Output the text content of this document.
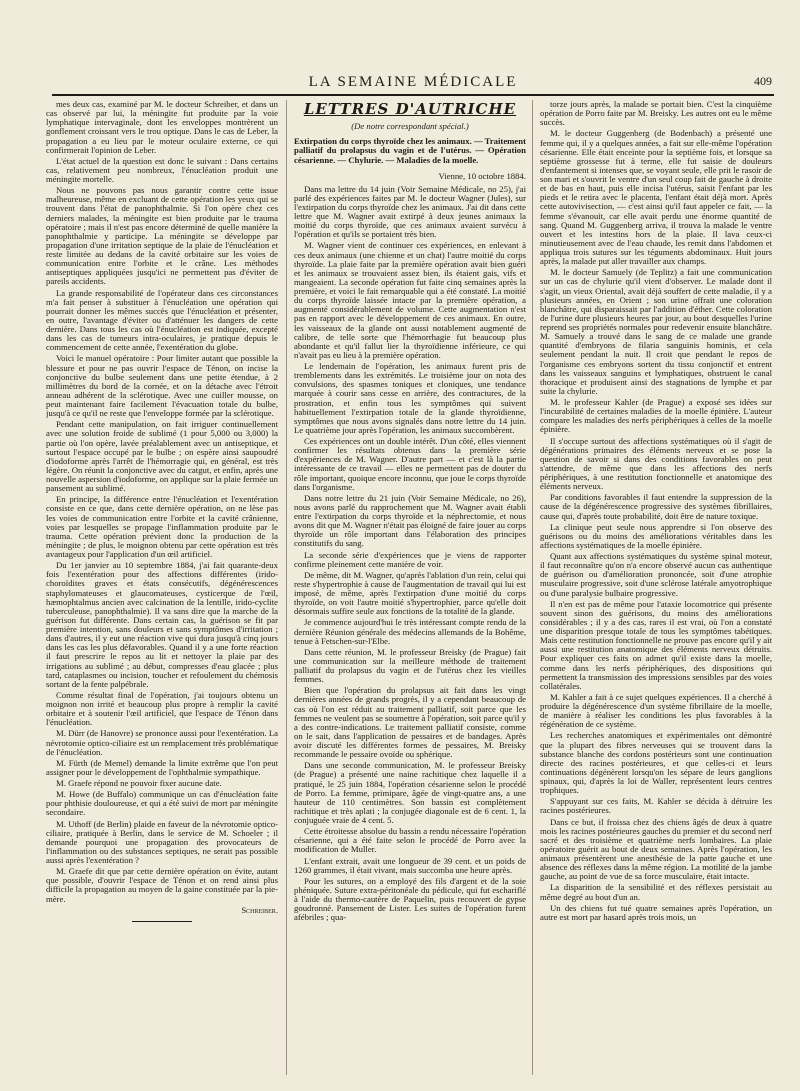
LA SEMAINE MÉDICALE	409

mes deux cas, examiné par M. le docteur Schreiber, et dans un cas observé par lui, la méningite fut produite par la voie lymphatique intervaginale, dont les enveloppes montrèrent un gonflement croissant vers le trou optique. Dans le cas de Leber, la propagation a eu lieu par le moteur oculaire externe, ce qui confirmerait l'opinion de Leber.

L'état actuel de la question est donc le suivant : Dans certains cas, relativement peu nombreux, l'énucléation produit une méningite mortelle.

Nous ne pouvons pas nous garantir contre cette issue malheureuse, même en excluant de cette opération les yeux qui se trouvent dans l'état de panophthalmie. Si l'on opère chez ces derniers malades, la méningite est bien produite par le trauma opératoire ; mais il n'est pas encore déterminé de quelle manière la panophthalmie y participe. La méningite se développe par propagation d'une irritation septique de la plaie de l'énucléation et reste limitée au dedans de la cavité orbitaire sur les voies de communication entre l'orbite et le crâne. Les méthodes antiseptiques appliquées jusqu'ici ne permettent pas d'éviter de pareils accidents.

La grande responsabilité de l'opérateur dans ces circonstances m'a fait penser à substituer à l'énucléation une opération qui pourrait donner les mêmes succès que l'énucléation et présenter, en outre, l'avantage d'éviter ou d'atténuer les dangers de cette dernière. Dans tous les cas où l'énucléation est indiquée, excepté dans les cas de tumeurs intra-oculaires, je pratique depuis le commencement de cette année, l'exentération du globe.

Voici le manuel opératoire : Pour limiter autant que possible la blessure et pour ne pas ouvrir l'espace de Ténon, on incise la conjonctive du bulbe seulement dans une petite étendue, à 2 millimètres du bord de la cornée, et on la détache avec l'étroit anneau adhérent de la sclérotique. Avec une cuiller mousse, on peut maintenant faire facilement l'évacuation totale du bulbe, jusqu'à ce qu'il ne reste que l'enveloppe formée par la sclérotique.

Pendant cette manipulation, on fait irriguer continuellement avec une solution froide de sublimé (1 pour 5,000 ou 3,000) la partie où l'on opère, lavée préalablement avec un antiseptique, et surtout l'espace occupé par le bulbe ; on espère ainsi saupoudré d'iodoforme après l'arrêt de l'hémorragie qui, en général, est très légère. On réunit la conjonctive avec du catgut, et enfin, après une nouvelle aspersion d'iodoforme, on applique sur la plaie fermée un pansement au sublimé.

En principe, la différence entre l'énucléation et l'exentération consiste en ce que, dans cette dernière opération, on ne lèse pas les voies de communication entre l'orbite et la cavité crânienne, voies par lesquelles se propage l'inflammation produite par le trauma. Cette opération prévient donc la production de la méningite ; de plus, le moignon obtenu par cette opération est très avantageux pour l'application d'un œil artificiel.

Du 1er janvier au 10 septembre 1884, j'ai fait quarante-deux fois l'exentération pour des affections différentes (irido-choroïdites graves et états consécutifs, dégénérescences staphylomateuses et glaucomateuses, cysticerque de l'œil, hæmophtalmus ancien avec calcination de la lentille, irido-cyclite tuberculeuse, panophthalmie). Il va sans dire que la marche de la guérison fut différente. Dans certain cas, la guérison se fit par première intention, sans douleurs et sans symptômes d'irritation ; dans d'autres, il y eut une réaction vive qui dura jusqu'à cinq jours dans les cas les plus défavorables. Quand il y a une forte réaction il faut prescrire le repos au lit et nettoyer la plaie par des irrigations au sublimé ; au début, compresses d'eau glacée ; plus tard, cataplasmes ou incision, toucher et refoulement du chémosis sortant de la fente palpébrale.

Comme résultat final de l'opération, j'ai toujours obtenu un moignon non irrité et beaucoup plus propre à remplir la cavité orbitaire et à soutenir l'œil artificiel, que l'espace de Ténon dans l'énucléation.

M. Dürr (de Hanovre) se prononce aussi pour l'exentération. La névrotomie optico-ciliaire est un remplacement très problématique de l'énucléation.

M. Fürth (de Memel) demande la limite extrême que l'on peut assigner pour le développement de l'ophthalmie sympathique.

M. Graefe répond ne pouvoir fixer aucune date.

M. Howe (de Buffalo) communique un cas d'énucléation faite pour phthisie douloureuse, et qui a été suivi de mort par méningite secondaire.

M. Uthoff (de Berlin) plaide en faveur de la névrotomie optico-ciliaire, pratiquée à Berlin, dans le service de M. Schoeler ; il demande pourquoi une propagation des provocateurs de l'inflammation ou des substances septiques, ne serait pas possible aussi après l'exentération ?

M. Graefe dit que par cette dernière opération on évite, autant que possible, d'ouvrir l'espace de Ténon et on rend ainsi plus difficile la propagation au moyen de la gaine constituée par la pie-mère.

Schreiber.

LETTRES D'AUTRICHE
(De notre correspondant spécial.)
Extirpation du corps thyroïde chez les animaux. — Traitement palliatif du prolapsus du vagin et de l'utérus. — Opération césarienne. — Chylurie. — Maladies de la moelle.
Vienne, 10 octobre 1884.

Dans ma lettre du 14 juin (Voir Semaine Médicale, no 25), j'ai parlé des expériences faites par M. le docteur Wagner (Jules), sur l'extirpation du corps thyroïde chez les animaux. J'ai dit dans cette lettre que M. Wagner avait extirpé à deux jeunes animaux la moitié du corps thyroïde, que ces animaux avaient survécu à l'opération et qu'ils se portaient très bien.

M. Wagner vient de continuer ces expériences, en enlevant à ces deux animaux (une chienne et un chat) l'autre moitié du corps thyroïde. La plaie faite par la première opération avait bien guéri et les animaux se trouvaient assez bien, ils étaient gais, vifs et mangeaient. La seconde opération fut faite cinq semaines après la première, et voici le fait remarquable qui a été constaté. La moitié du corps thyroïde laissée intacte par la première opération, a augmenté considérablement de volume. Cette augmentation n'est pas en rapport avec le développement de ces animaux. En outre, les vaisseaux de la glande ont aussi notablement augmenté de calibre, de telle sorte que l'hémorrhagie fut beaucoup plus abondante et qu'il fallut lier la thyroïdienne inférieure, ce qui n'avait pas eu lieu à la première opération.

Le lendemain de l'opération, les animaux furent pris de tremblements dans les extrémités. Le troisième jour on nota des convulsions, des spasmes toniques et cloniques, une tendance marquée à courir sans cesse en arrière, des contractures, de la prostration, et enfin tous les symptômes qui suivent habituellement l'extirpation totale de la glande thyroïdienne, symptômes que nous avons signalés dans notre lettre du 14 juin. Le quatrième jour après l'opération, les animaux succombèrent.

Ces expériences ont un double intérêt. D'un côté, elles viennent confirmer les résultats obtenus dans la première série d'expériences de M. Wagner. D'autre part — et c'est là la partie intéressante de ce travail — elles ne permettent pas de douter du rôle important, quoique encore inconnu, que joue le corps thyroïde dans l'organisme.

Dans notre lettre du 21 juin (Voir Semaine Médicale, no 26), nous avons parlé du rapprochement que M. Wagner avait établi entre l'extirpation du corps thyroïde et la néphrectomie, et nous avons dit que M. Wagner n'était pas éloigné de faire jouer au corps thyroïde un rôle important dans l'élaboration des principes constitutifs du sang.

La seconde série d'expériences que je viens de rapporter confirme pleinement cette manière de voir.

De même, dit M. Wagner, qu'après l'ablation d'un rein, celui qui reste s'hypertrophie à cause de l'augmentation de travail qui lui est imposé, de même, après l'extirpation d'une moitié du corps thyroïde, on voit l'autre moitié s'hypertrophier, parce qu'elle doit désormais suffire seule aux fonctions de la totalité de la glande.

Je commence aujourd'hui le très intéressant compte rendu de la dernière Réunion générale des médecins allemands de la Bohême, tenue à Fetschen-sur-l'Elbe.

Dans cette réunion, M. le professeur Breisky (de Prague) fait une communication sur la meilleure méthode de traitement palliatif du prolapsus du vagin et de l'utérus chez les vieilles femmes.

Bien que l'opération du prolapsus ait fait dans les vingt dernières années de grands progrès, il y a cependant beaucoup de cas où l'on est réduit au traitement palliatif, soit parce que les femmes ne veulent pas se soumettre à l'opération, soit parce qu'il y a des contre-indications. Le traitement palliatif consiste, comme on le sait, dans l'application de pessaires et de bandages. Après avoir discuté les différentes formes de pessaires, M. Breisky recommande le pessaire ovoïde ou sphérique.

Dans une seconde communication, M. le professeur Breisky (de Prague) a présenté une naine rachitique chez laquelle il a pratiqué, le 25 juin 1884, l'opération césarienne selon le procédé de Porro. La femme, primipare, âgée de vingt-quatre ans, a une hauteur de 110 centimètres. Son bassin est complètement rachitique et très aplati ; la conjugée diagonale est de 6 cent. 1, la conjuguée vraie de 4 cent. 5.

Cette étroitesse absolue du bassin a rendu nécessaire l'opération césarienne, qui a été faite selon le procédé de Porro avec la modification de Muller.

L'enfant extrait, avait une longueur de 39 cent. et un poids de 1260 grammes, il était vivant, mais succomba une heure après.

Pour les sutures, on a employé des fils d'argent et de la soie phéniquée. Suture extra-péritonéale du pédicule, qui fut eschariflé à l'aide du thermo-cautère de Paquelin, puis recouvert de gypse goudronné. Pansement de Lister. Les suites de l'opération furent afébriles ; qua-

torze jours après, la malade se portait bien. C'est la cinquième opération de Porro faite par M. Breisky. Les autres ont eu le même succès.

M. le docteur Guggenberg (de Bodenbach) a présenté une femme qui, il y a quelques années, a fait sur elle-même l'opération césarienne. Elle était enceinte pour la septième fois, et lorsque sa septième grossesse fut à terme, elle fut saisie de douleurs d'enfantement si intenses que, se voyant seule, elle prit le rasoir de son mari et s'ouvrit le ventre d'un seul coup fait de gauche à droite et de bas en haut, puis elle incisa l'utérus, saisit l'enfant par les pieds et le retira avec le placenta, l'enfant était déjà mort. Après cette autovivisection, — c'est ainsi qu'il faut appeler ce fait, — la femme s'évanouit, car elle avait perdu une énorme quantité de sang. Quand M. Guggenberg arriva, il trouva la malade le ventre ouvert et les intestins hors de la plaie. Il lava ceux-ci minutieusement avec de l'eau chaude, les remit dans l'abdomen et appliqua trois sutures sur les téguments abdominaux. Huit jours après, la malade put aller travailler aux champs.

M. le docteur Samuely (de Teplitz) a fait une communication sur un cas de chylurie qu'il vient d'observer. Le malade dont il s'agit, un vieux Oriental, avait déjà souffert de cette maladie, il y a plusieurs années, en Orient ; son urine offrait une coloration blanchâtre, qui disparaissait par l'addition d'éther. Cette coloration de l'urine dure plusieurs heures par jour, au bout desquelles l'urine reprend ses propriétés normales pour redevenir ensuite blanchâtre. M. Samuely a trouvé dans le sang de ce malade une grande quantité d'embryons de filaria sanguinis hominis, et cela seulement pendant la nuit. Il croit que pendant le repos de l'organisme ces embryons sortent du tissu conjonctif et entrent dans les vaisseaux sanguins et lymphatiques, obstruent le canal thoracique et produisent ainsi des stagnations de lymphe et par suite la chylurie.

M. le professeur Kahler (de Prague) a exposé ses idées sur l'incurabilité de certaines maladies de la moelle épinière. L'auteur compare les maladies des nerfs périphériques à celles de la moelle épinière.

Il s'occupe surtout des affections systématiques où il s'agit de dégénérations primaires des éléments nerveux et se pose la question de savoir si dans des conditions favorables on peut s'attendre, de même que dans les affections des nerfs périphériques, à une restitution fonctionnelle et anatomique des éléments nerveux.

Par conditions favorables il faut entendre la suppression de la cause de la dégénérescence progressive des systèmes fibrillaires, cause qui, d'après toute probabilité, doit être de nature toxique.

La clinique peut seule nous apprendre si l'on observe des guérisons ou du moins des améliorations véritables dans les affections systématiques de la moelle épinière.

Quant aux affections systématiques du système spinal moteur, il faut reconnaître qu'on n'a encore observé aucun cas authentique de guérison ou d'amélioration prononcée, soit d'une atrophie musculaire progressive, soit d'une sclérose latérale amyotrophique ou d'une paralysie bulbaire progressive.

Il n'en est pas de même pour l'ataxie locomotrice qui présente souvent sinon des guérisons, du moins des améliorations considérables ; il y a des cas, rares il est vrai, où l'on a constaté une disparition presque totale de tous les symptômes tabétiques. Mais cette restitution fonctionnelle ne prouve pas encore qu'il y ait aussi une restitution anatomique des éléments nerveux détruits. Pour expliquer ces faits on admet qu'il existe dans la moelle, comme dans les nerfs périphériques, des dispositions qui permettent la transmission des impressions sensibles par des voies collatérales.

M. Kahler a fait à ce sujet quelques expériences. Il a cherché à produire la dégénérescence d'un système fibrillaire de la moelle, de manière à réaliser les conditions les plus favorables à la régénération de ce système.

Les recherches anatomiques et expérimentales ont démontré que la plupart des fibres nerveuses qui se trouvent dans la substance blanche des cordons postérieurs sont une continuation directe des racines postérieures, et que celles-ci et leurs continuations dégénèrent lorsqu'on les sépare de leurs ganglions spinaux, qui, d'après la loi de Waller, représentent leurs centres trophiques.

S'appuyant sur ces faits, M. Kahler se décida à détruire les racines postérieures.

Dans ce but, il froissa chez des chiens âgés de deux à quatre mois les racines postérieures gauches du premier et du second nerf sacré et des troisième et quatrième nerfs lombaires. La plaie opératoire guérit au bout de deux semaines. Après l'opération, les animaux présentèrent une anesthésie de la patte gauche et une absence des réflexes dans la même région. La motilité de la jambe gauche, au point de vue de sa force musculaire, était intacte.

La disparition de la sensibilité et des réflexes persistait au même degré au bout d'un an.

Un des chiens fut tué quatre semaines après l'opération, un autre est mort par hasard après trois mois, un
